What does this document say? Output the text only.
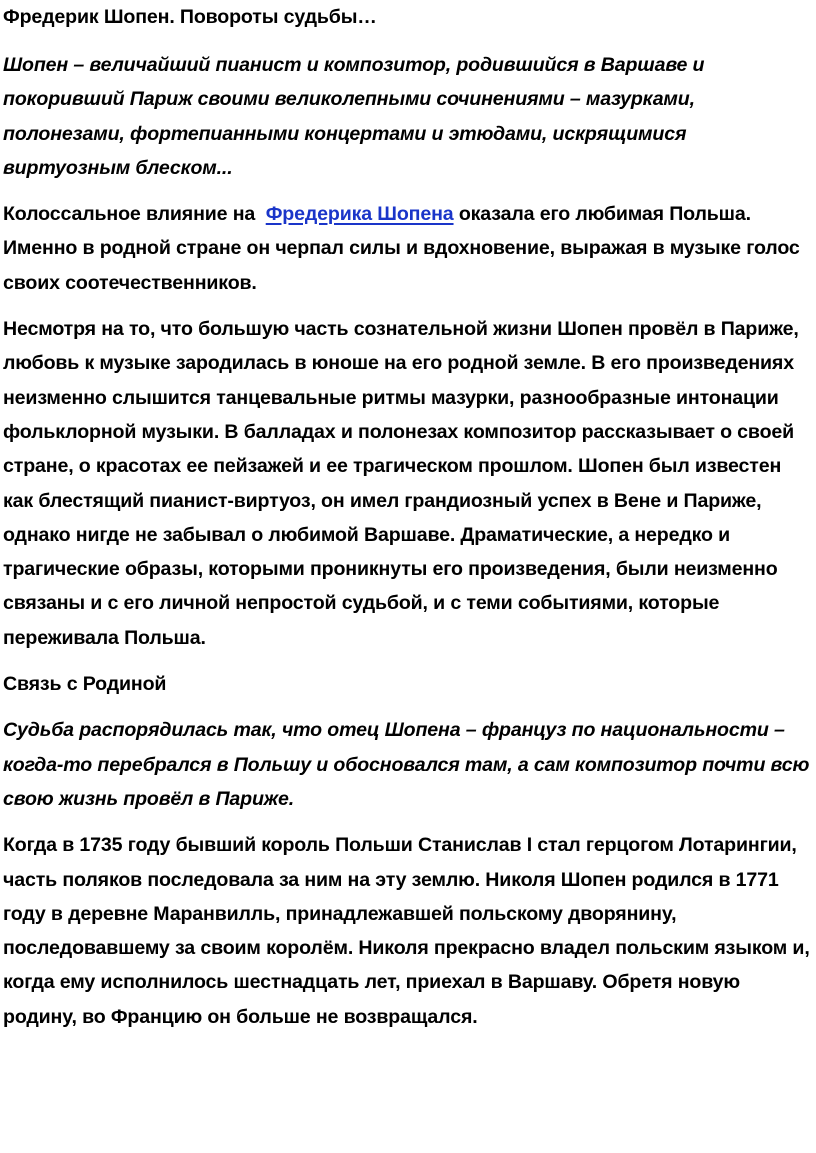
Фредерик Шопен. Повороты судьбы…

Шопен – величайший пианист и композитор, родившийся в Варшаве и покоривший Париж своими великолепными сочинениями – мазурками, полонезами, фортепианными концертами и этюдами, искрящимися виртуозным блеском...

Колоссальное влияние на  Фредерика Шопена оказала его любимая Польша. Именно в родной стране он черпал силы и вдохновение, выражая в музыке голос своих соотечественников.

Несмотря на то, что большую часть сознательной жизни Шопен провёл в Париже, любовь к музыке зародилась в юноше на его родной земле. В его произведениях неизменно слышится танцевальные ритмы мазурки, разнообразные интонации фольклорной музыки. В балладах и полонезах композитор рассказывает о своей стране, о красотах ее пейзажей и ее трагическом прошлом. Шопен был известен как блестящий пианист-виртуоз, он имел грандиозный успех в Вене и Париже, однако нигде не забывал о любимой Варшаве. Драматические, а нередко и трагические образы, которыми проникнуты его произведения, были неизменно связаны и с его личной непростой судьбой, и с теми событиями, которые переживала Польша.

Связь с Родиной

Судьба распорядилась так, что отец Шопена – француз по национальности – когда-то перебрался в Польшу и обосновался там, а сам композитор почти всю свою жизнь провёл в Париже.

Когда в 1735 году бывший король Польши Станислав I стал герцогом Лотарингии, часть поляков последовала за ним на эту землю. Николя Шопен родился в 1771 году в деревне Маранвилль, принадлежавшей польскому дворянину, последовавшему за своим королём. Николя прекрасно владел польским языком и, когда ему исполнилось шестнадцать лет, приехал в Варшаву. Обретя новую родину, во Францию он больше не возвращался.
